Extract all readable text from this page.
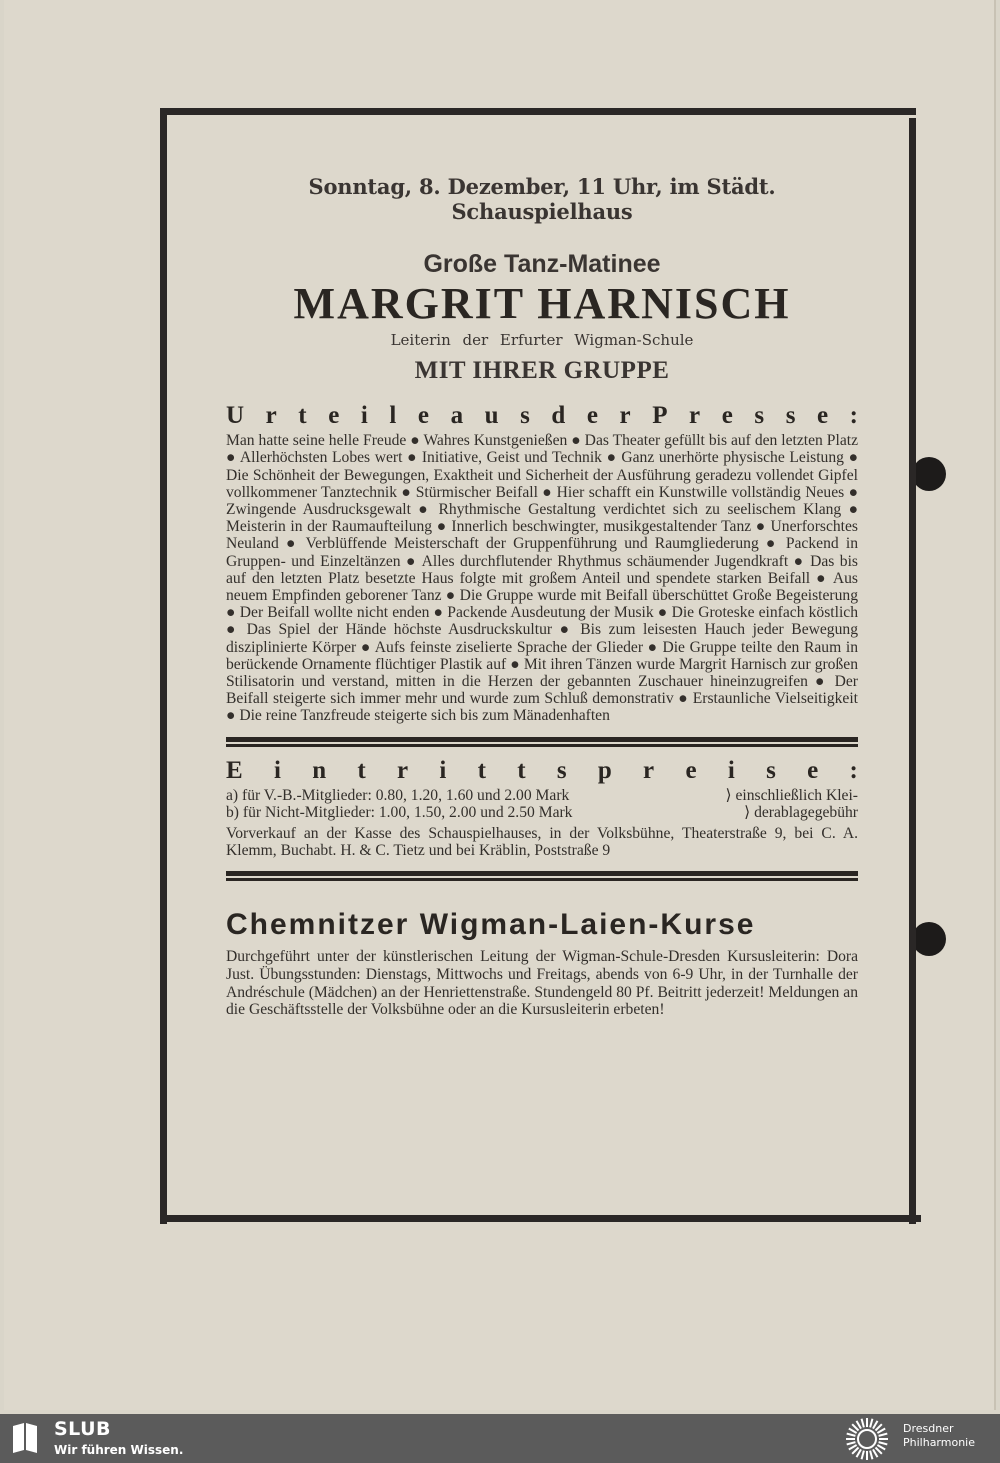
Sonntag, 8. Dezember, 11 Uhr, im Städt. Schauspielhaus
Große Tanz-Matinee
MARGRIT HARNISCH
Leiterin der Erfurter Wigman-Schule
MIT IHRER GRUPPE
U r t e i l e a u s d e r P r e s s e :
Man hatte seine helle Freude ● Wahres Kunstgenießen ● Das Theater gefüllt bis auf den letzten Platz ● Allerhöchsten Lobes wert ● Initiative, Geist und Technik ● Ganz unerhörte physische Leistung ● Die Schönheit der Bewegungen, Exaktheit und Sicherheit der Ausführung geradezu vollendet Gipfel vollkommener Tanztechnik ● Stürmischer Beifall ● Hier schafft ein Kunstwille vollständig Neues ● Zwingende Ausdrucksgewalt ● Rhythmische Gestaltung verdichtet sich zu seelischem Klang ● Meisterin in der Raumaufteilung ● Innerlich beschwingter, musikgestaltender Tanz ● Unerforschtes Neuland ● Verblüffende Meisterschaft der Gruppenführung und Raumgliederung ● Packend in Gruppen- und Einzeltänzen ● Alles durchflutender Rhythmus schäumender Jugendkraft ● Das bis auf den letzten Platz besetzte Haus folgte mit großem Anteil und spendete starken Beifall ● Aus neuem Empfinden geborener Tanz ● Die Gruppe wurde mit Beifall überschüttet Große Begeisterung ● Der Beifall wollte nicht enden ● Packende Ausdeutung der Musik ● Die Groteske einfach köstlich ● Das Spiel der Hände höchste Ausdruckskultur ● Bis zum leisesten Hauch jeder Bewegung disziplinierte Körper ● Aufs feinste ziselierte Sprache der Glieder ● Die Gruppe teilte den Raum in berückende Ornamente flüchtiger Plastik auf ● Mit ihren Tänzen wurde Margrit Harnisch zur großen Stilisatorin und verstand, mitten in die Herzen der gebannten Zuschauer hineinzugreifen ● Der Beifall steigerte sich immer mehr und wurde zum Schluß demonstrativ ● Erstaunliche Vielseitigkeit ● Die reine Tanzfreude steigerte sich bis zum Mänadenhaften
E i n t r i t t s p r e i s e :
a) für V.-B.-Mitglieder: 0.80, 1.20, 1.60 und 2.00 Mark	⟩ einschließlich Klei-
b) für Nicht-Mitglieder: 1.00, 1.50, 2.00 und 2.50 Mark	⟩ derablagegebühr
Vorverkauf an der Kasse des Schauspielhauses, in der Volksbühne, Theaterstraße 9, bei C. A. Klemm, Buchabt. H. & C. Tietz und bei Kräblin, Poststraße 9
Chemnitzer Wigman-Laien-Kurse
Durchgeführt unter der künstlerischen Leitung der Wigman-Schule-Dresden Kursusleiterin: Dora Just. Übungsstunden: Dienstags, Mittwochs und Freitags, abends von 6-9 Uhr, in der Turnhalle der Andréschule (Mädchen) an der Henriettenstraße. Stundengeld 80 Pf. Beitritt jederzeit! Meldungen an die Geschäftsstelle der Volksbühne oder an die Kursusleiterin erbeten!
SLUB
Wir führen Wissen.
Dresdner
Philharmonie
